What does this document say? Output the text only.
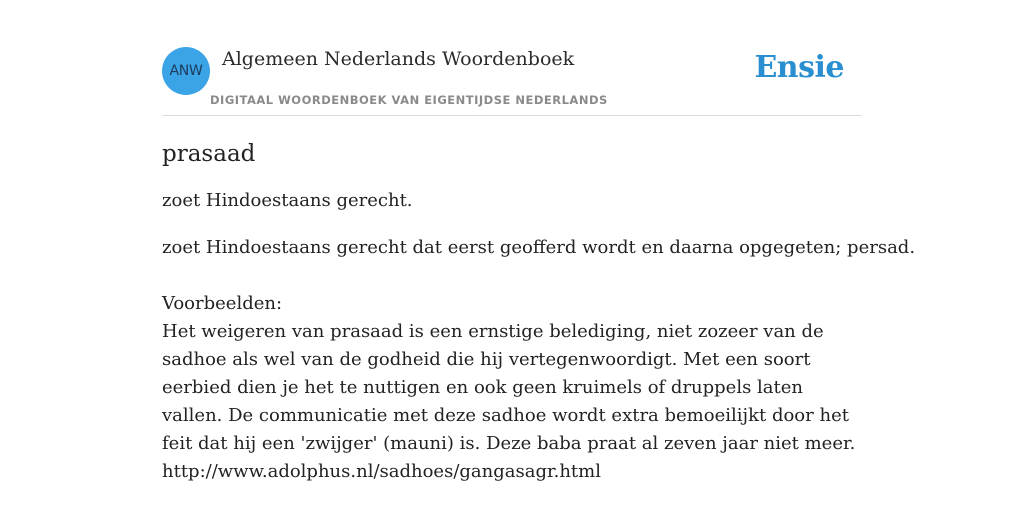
ANW
Algemeen Nederlands Woordenboek
DIGITAAL WOORDENBOEK VAN EIGENTIJDSE NEDERLANDS
Ensie
prasaad

zoet Hindoestaans gerecht.

zoet Hindoestaans gerecht dat eerst geofferd wordt en daarna opgegeten; persad.

Voorbeelden:
Het weigeren van prasaad is een ernstige belediging, niet zozeer van de sadhoe als wel van de godheid die hij vertegenwoordigt. Met een soort eerbied dien je het te nuttigen en ook geen kruimels of druppels laten vallen. De communicatie met deze sadhoe wordt extra bemoeilijkt door het feit dat hij een 'zwijger' (mauni) is. Deze baba praat al zeven jaar niet meer.
http://www.adolphus.nl/sadhoes/gangasagr.html
